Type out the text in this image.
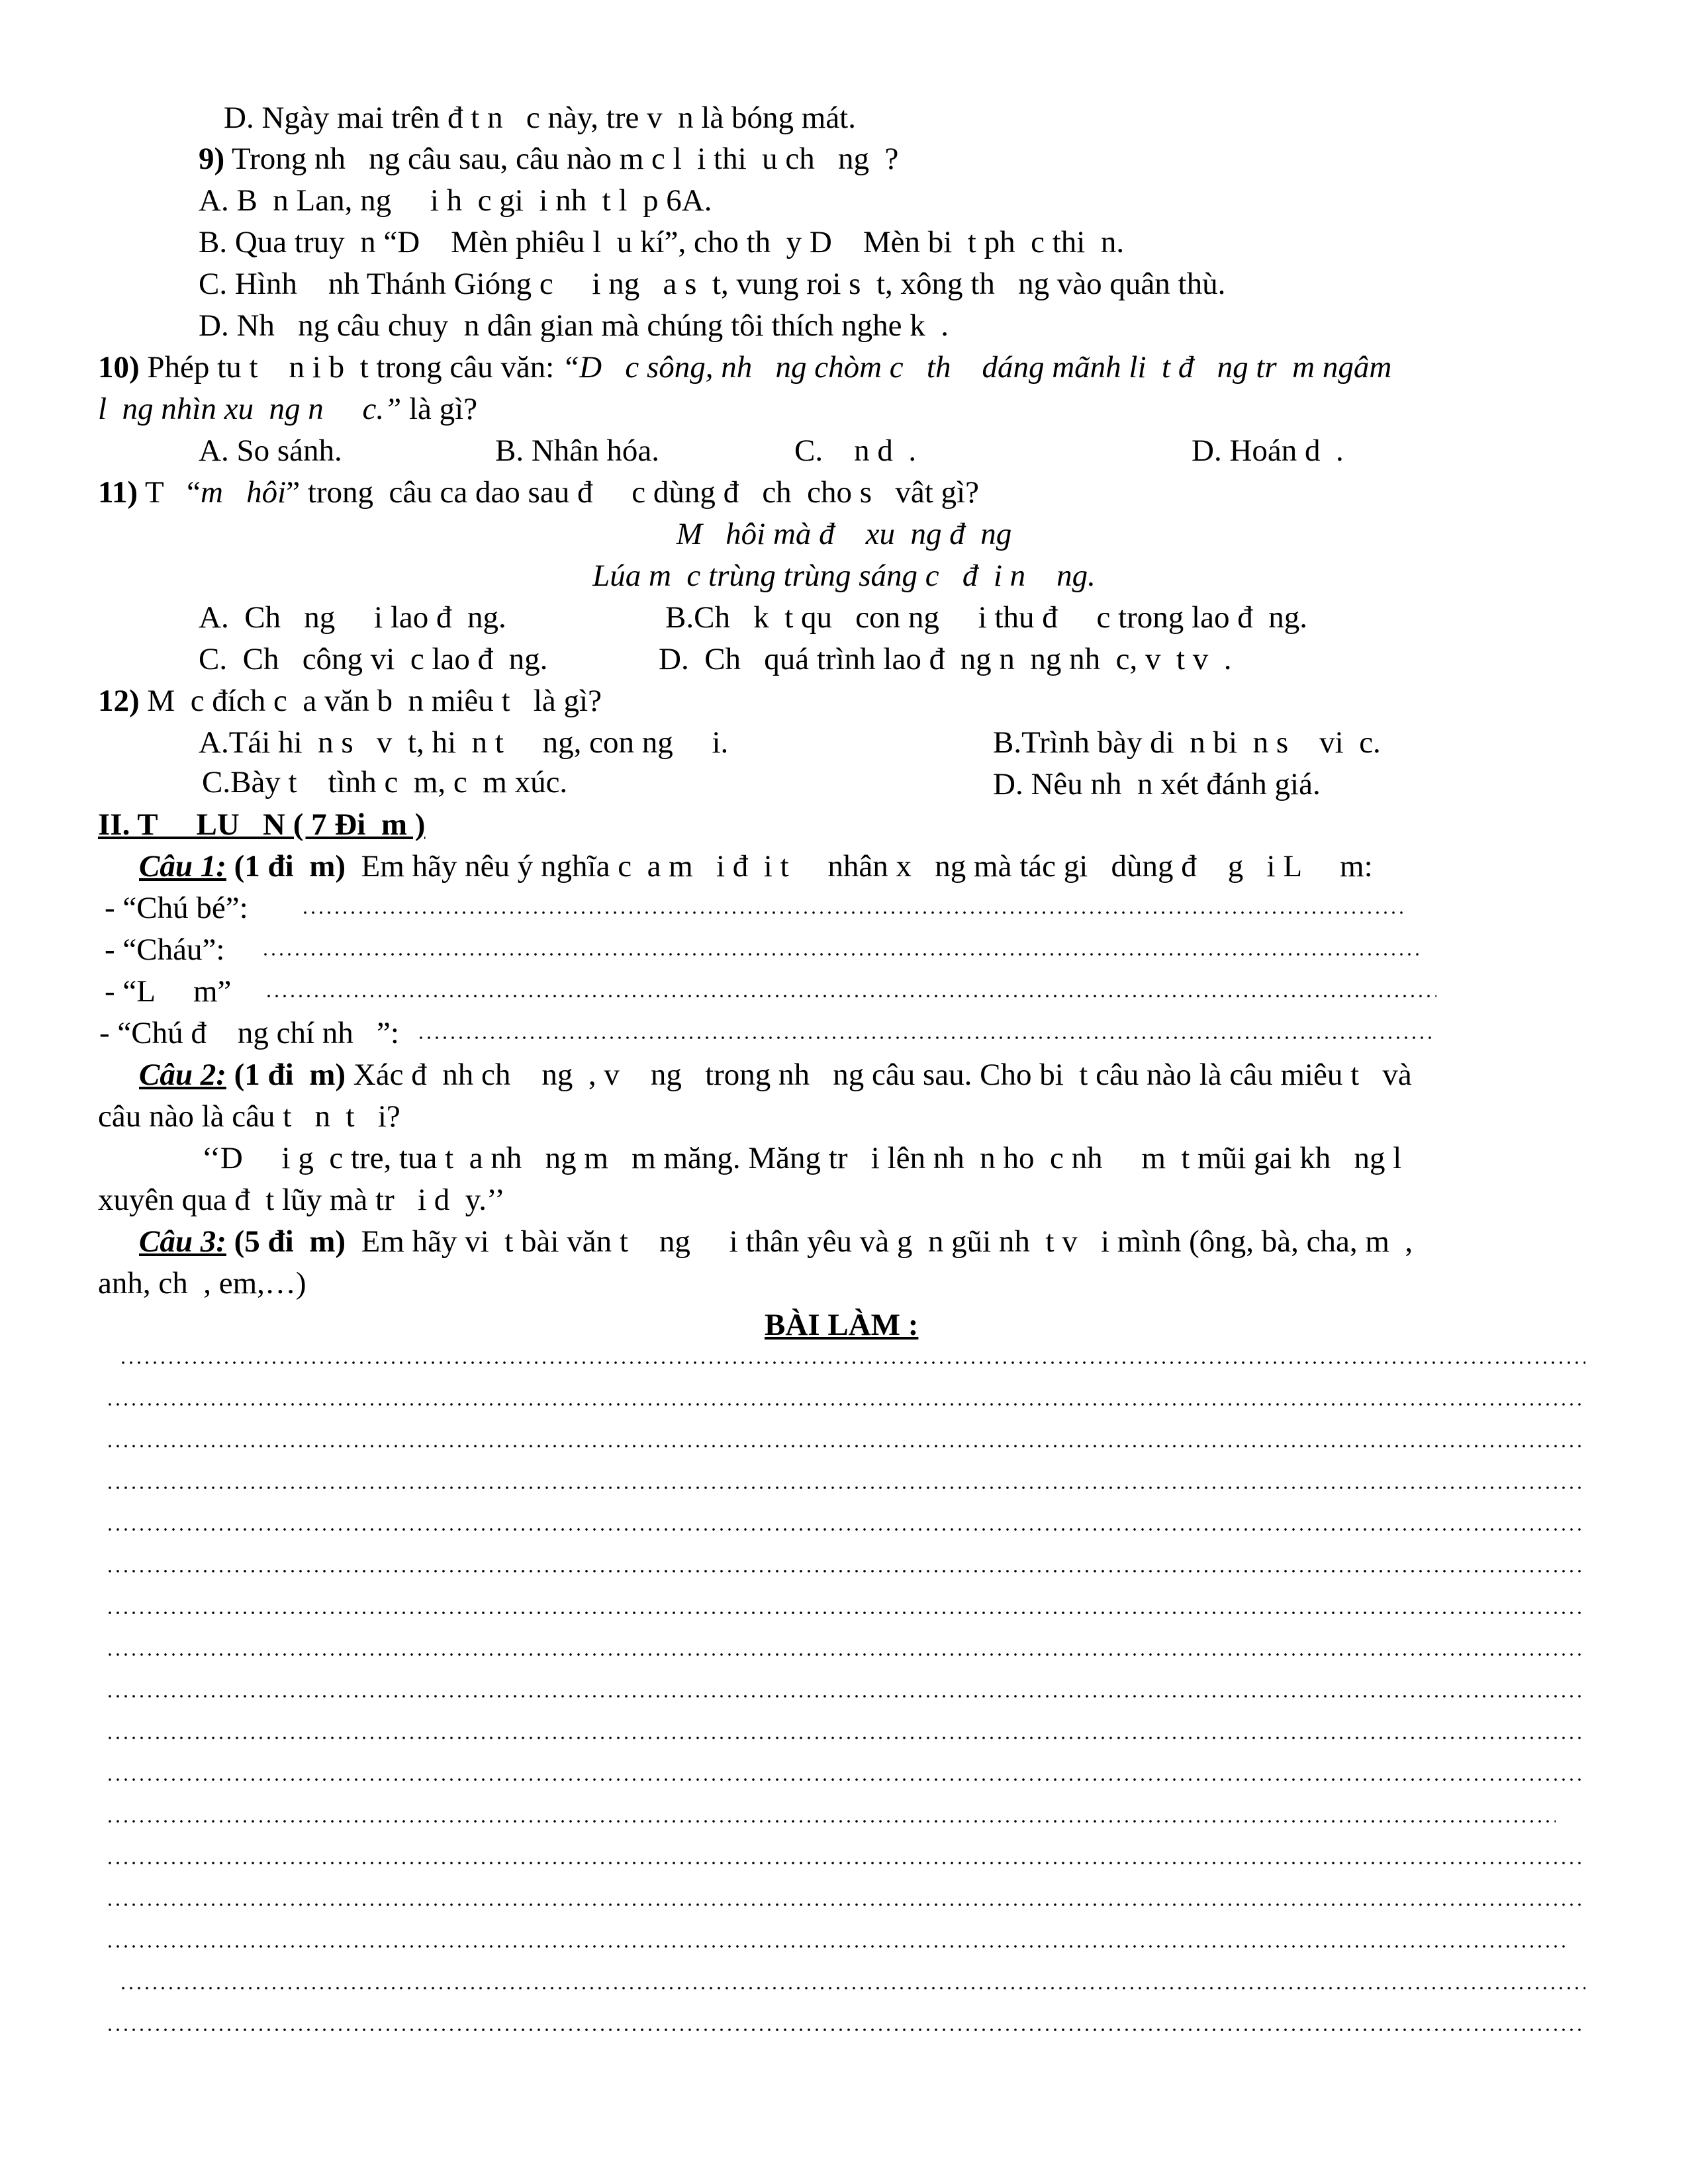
D. Ngày mai trên đ t n   c này, tre v  n là bóng mát.
9) Trong nh   ng câu sau, câu nào m c l  i thi  u ch   ng  ?
A. B  n Lan, ng     i h  c gi  i nh  t l  p 6A.
B. Qua truy  n “D    Mèn phiêu l  u kí”, cho th  y D    Mèn bi  t ph  c thi  n.
C. Hình    nh Thánh Gióng c     i ng   a s  t, vung roi s  t, xông th   ng vào quân thù.
D. Nh   ng câu chuy  n dân gian mà chúng tôi thích nghe k  .
10) Phép tu t    n i b  t trong câu văn: “D   c sông, nh   ng chòm c   th    dáng mãnh li  t đ   ng tr  m ngâm
l  ng nhìn xu  ng n     c.” là gì?
A. So sánh.	B. Nhân hóa.	C.    n d  .	D. Hoán d  .
11) T   “m   hôi” trong  câu ca dao sau đ     c dùng đ   ch  cho s   vât gì?
M   hôi mà đ    xu  ng đ  ng
Lúa m  c trùng trùng sáng c   đ  i n    ng.
A.  Ch   ng     i lao đ  ng.	B.Ch   k  t qu   con ng     i thu đ     c trong lao đ  ng.
C.  Ch   công vi  c lao đ  ng.	D.  Ch   quá trình lao đ  ng n  ng nh  c, v  t v  .
12) M  c đích c  a văn b  n miêu t   là gì?
A.Tái hi  n s   v  t, hi  n t     ng, con ng     i.	B.Trình bày di  n bi  n s    vi  c.
C.Bày t    tình c  m, c  m xúc.	D. Nêu nh  n xét đánh giá.
II. T     LU   N ( 7 Đi  m )
Câu 1: (1 đi  m)  Em hãy nêu ý nghĩa c  a m   i đ  i t     nhân x   ng mà tác gi   dùng đ    g   i L     m:
- “Chú bé”:
- “Cháu”:
- “L     m”
- “Chú đ    ng chí nh   ”:
Câu 2: (1 đi  m) Xác đ  nh ch    ng  , v    ng   trong nh   ng câu sau. Cho bi  t câu nào là câu miêu t   và
câu nào là câu t   n  t   i?
‘‘D     i g  c tre, tua t  a nh   ng m   m măng. Măng tr   i lên nh  n ho  c nh     m  t mũi gai kh   ng l
xuyên qua đ  t lũy mà tr   i d  y.’’
Câu 3: (5 đi  m)  Em hãy vi  t bài văn t    ng     i thân yêu và g  n gũi nh  t v   i mình (ông, bà, cha, m  ,
anh, ch  , em,…)
BÀI LÀM :
